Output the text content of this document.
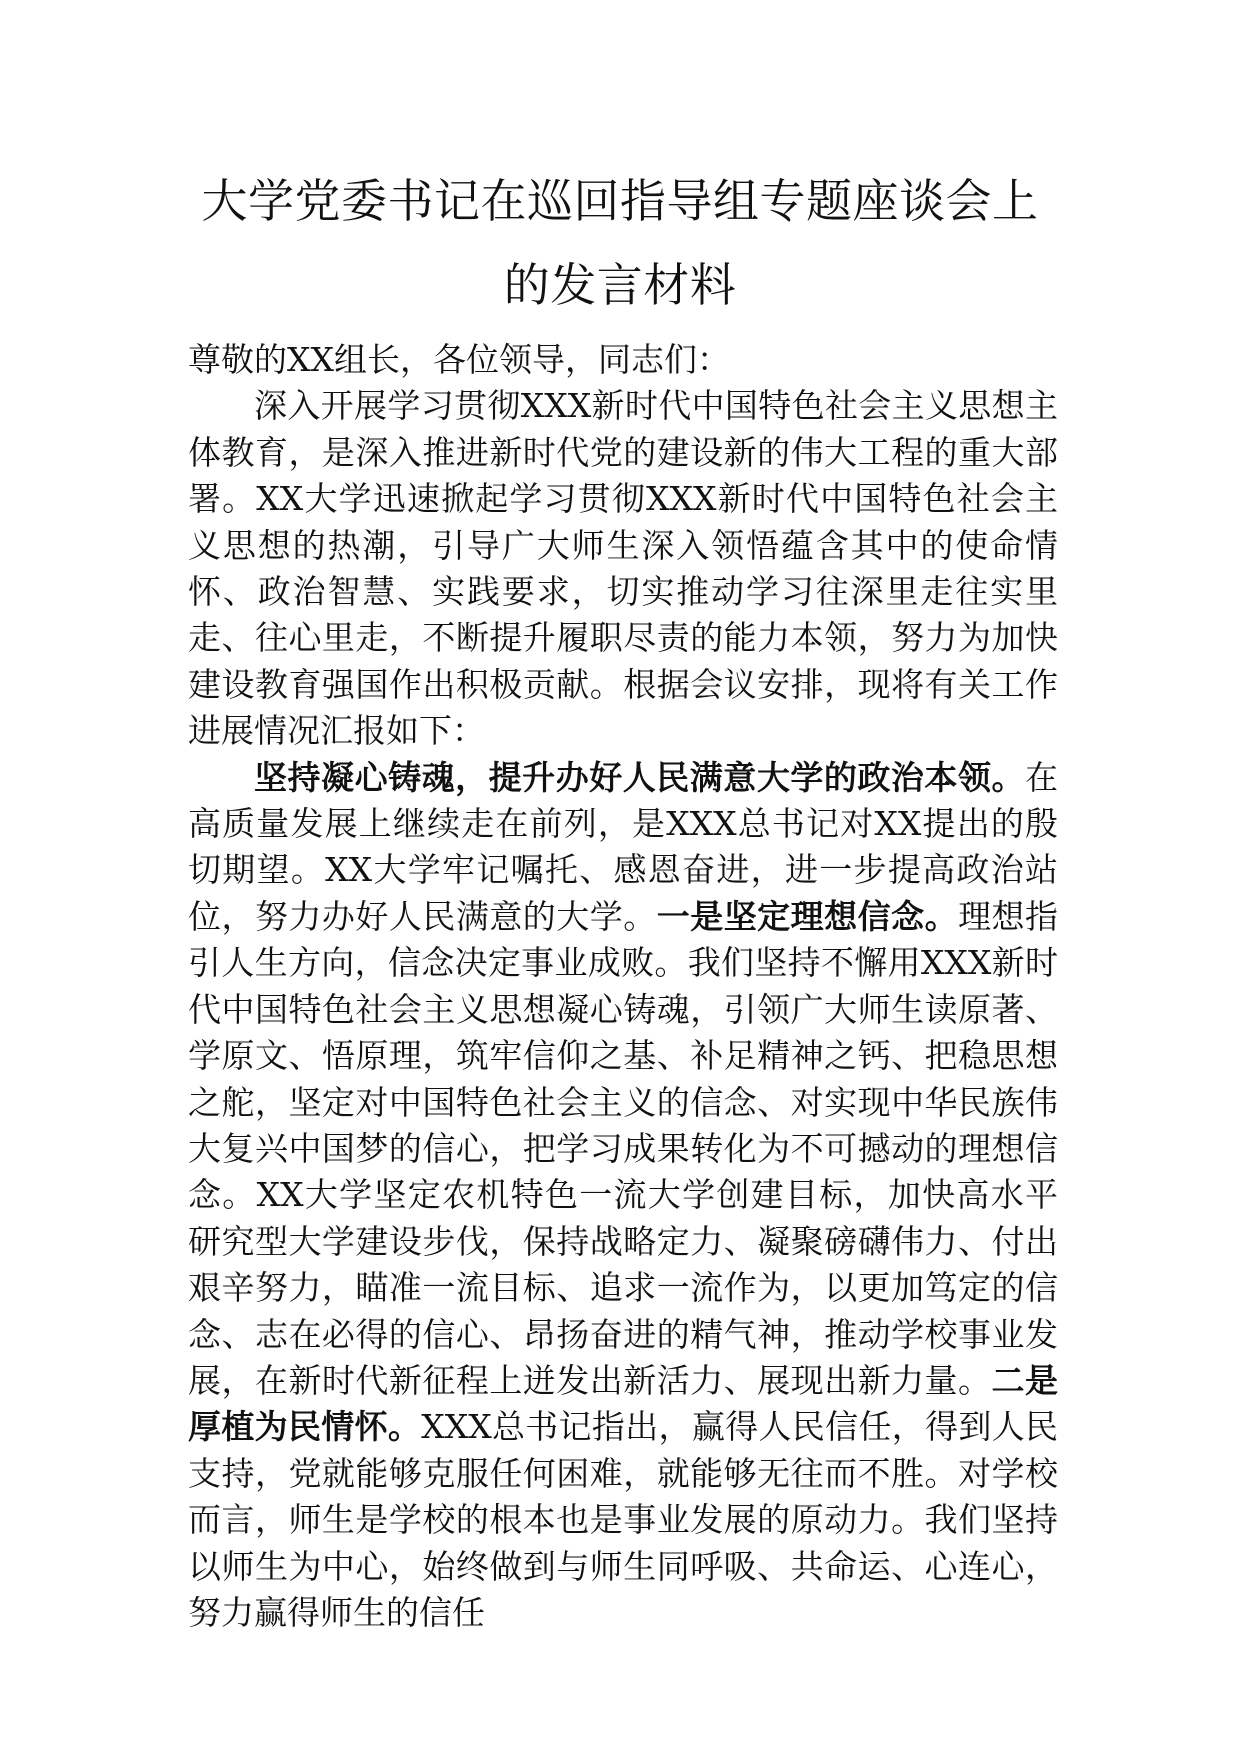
大学党委书记在巡回指导组专题座谈会上
的发言材料

尊敬的XX组长，各位领导，同志们：

深入开展学习贯彻XXX新时代中国特色社会主义思想主体教育，是深入推进新时代党的建设新的伟大工程的重大部署。XX大学迅速掀起学习贯彻XXX新时代中国特色社会主义思想的热潮，引导广大师生深入领悟蕴含其中的使命情怀、政治智慧、实践要求，切实推动学习往深里走往实里走、往心里走，不断提升履职尽责的能力本领，努力为加快建设教育强国作出积极贡献。根据会议安排，现将有关工作进展情况汇报如下：

坚持凝心铸魂，提升办好人民满意大学的政治本领。在高质量发展上继续走在前列，是XXX总书记对XX提出的殷切期望。XX大学牢记嘱托、感恩奋进，进一步提高政治站位，努力办好人民满意的大学。一是坚定理想信念。理想指引人生方向，信念决定事业成败。我们坚持不懈用XXX新时代中国特色社会主义思想凝心铸魂，引领广大师生读原著、学原文、悟原理，筑牢信仰之基、补足精神之钙、把稳思想之舵，坚定对中国特色社会主义的信念、对实现中华民族伟大复兴中国梦的信心，把学习成果转化为不可撼动的理想信念。XX大学坚定农机特色一流大学创建目标，加快高水平研究型大学建设步伐，保持战略定力、凝聚磅礴伟力、付出艰辛努力，瞄准一流目标、追求一流作为，以更加笃定的信念、志在必得的信心、昂扬奋进的精气神，推动学校事业发展，在新时代新征程上迸发出新活力、展现出新力量。二是厚植为民情怀。XXX总书记指出，赢得人民信任，得到人民支持，党就能够克服任何困难，就能够无往而不胜。对学校而言，师生是学校的根本也是事业发展的原动力。我们坚持以师生为中心，始终做到与师生同呼吸、共命运、心连心，努力赢得师生的信任
